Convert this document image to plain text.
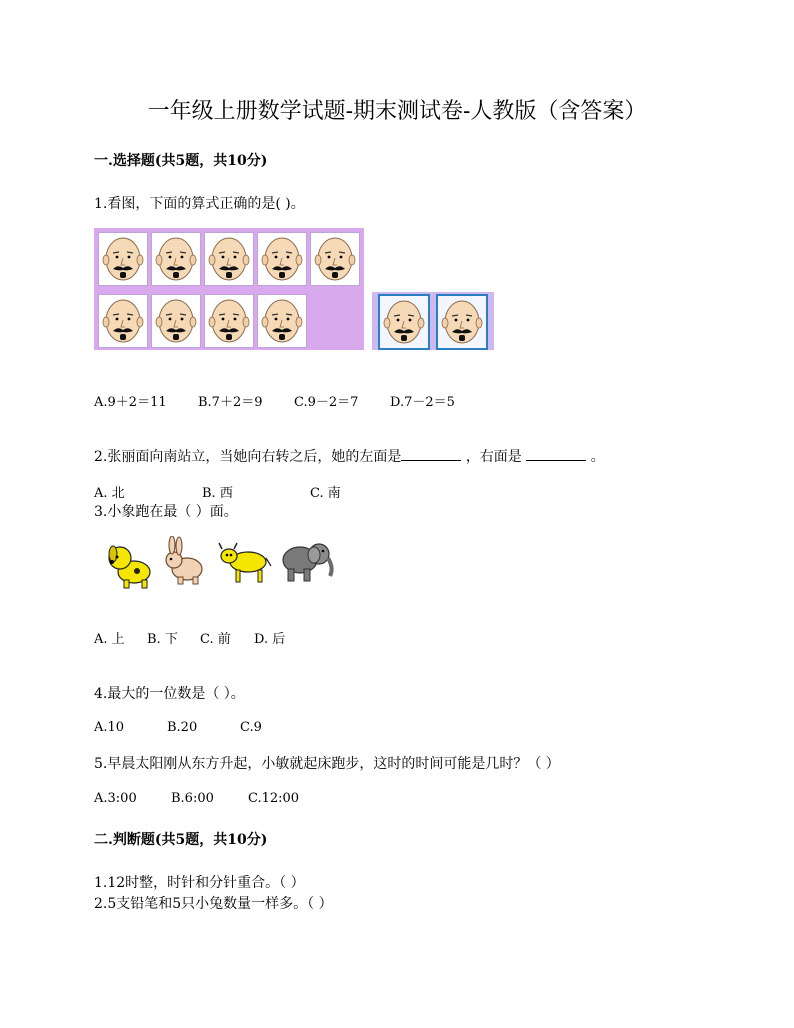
一年级上册数学试题-期末测试卷-人教版（含答案）
一.选择题(共5题，共10分)
1.看图，下面的算式正确的是( )。
A.9＋2＝11 B.7＋2＝9 C.9－2＝7 D.7－2＝5
2.张丽面向南站立，当她向右转之后，她的左面是	，右面是	。
A. 北	B. 西	C. 南
3.小象跑在最（ ）面。
A. 上 B. 下 C. 前 D. 后
4.最大的一位数是（ ）。
A.10	B.20	C.9
5.早晨太阳刚从东方升起，小敏就起床跑步，这时的时间可能是几时？（ ）
A.3:00	B.6:00	C.12:00
二.判断题(共5题，共10分)
1.12时整，时针和分针重合。（ ）
2.5支铅笔和5只小兔数量一样多。（ ）
